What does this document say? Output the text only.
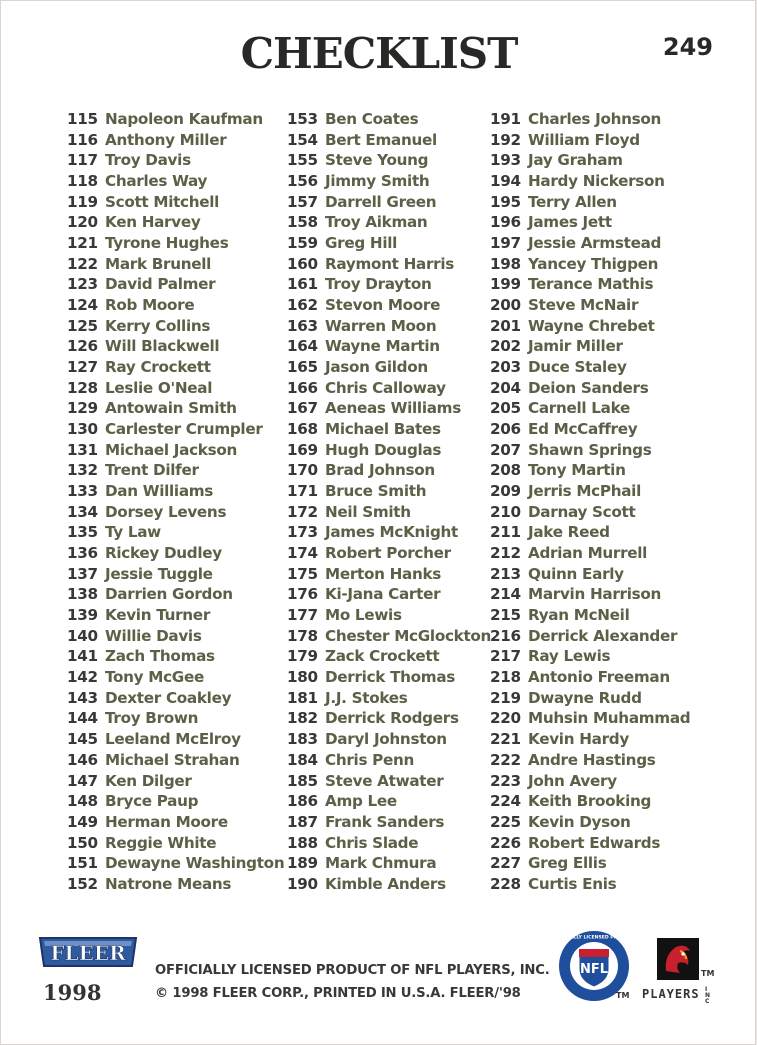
CHECKLIST	249
115 Napoleon Kaufman
116 Anthony Miller
117 Troy Davis
118 Charles Way
119 Scott Mitchell
120 Ken Harvey
121 Tyrone Hughes
122 Mark Brunell
123 David Palmer
124 Rob Moore
125 Kerry Collins
126 Will Blackwell
127 Ray Crockett
128 Leslie O'Neal
129 Antowain Smith
130 Carlester Crumpler
131 Michael Jackson
132 Trent Dilfer
133 Dan Williams
134 Dorsey Levens
135 Ty Law
136 Rickey Dudley
137 Jessie Tuggle
138 Darrien Gordon
139 Kevin Turner
140 Willie Davis
141 Zach Thomas
142 Tony McGee
143 Dexter Coakley
144 Troy Brown
145 Leeland McElroy
146 Michael Strahan
147 Ken Dilger
148 Bryce Paup
149 Herman Moore
150 Reggie White
151 Dewayne Washington
152 Natrone Means
153 Ben Coates
154 Bert Emanuel
155 Steve Young
156 Jimmy Smith
157 Darrell Green
158 Troy Aikman
159 Greg Hill
160 Raymont Harris
161 Troy Drayton
162 Stevon Moore
163 Warren Moon
164 Wayne Martin
165 Jason Gildon
166 Chris Calloway
167 Aeneas Williams
168 Michael Bates
169 Hugh Douglas
170 Brad Johnson
171 Bruce Smith
172 Neil Smith
173 James McKnight
174 Robert Porcher
175 Merton Hanks
176 Ki-Jana Carter
177 Mo Lewis
178 Chester McGlockton
179 Zack Crockett
180 Derrick Thomas
181 J.J. Stokes
182 Derrick Rodgers
183 Daryl Johnston
184 Chris Penn
185 Steve Atwater
186 Amp Lee
187 Frank Sanders
188 Chris Slade
189 Mark Chmura
190 Kimble Anders
191 Charles Johnson
192 William Floyd
193 Jay Graham
194 Hardy Nickerson
195 Terry Allen
196 James Jett
197 Jessie Armstead
198 Yancey Thigpen
199 Terance Mathis
200 Steve McNair
201 Wayne Chrebet
202 Jamir Miller
203 Duce Staley
204 Deion Sanders
205 Carnell Lake
206 Ed McCaffrey
207 Shawn Springs
208 Tony Martin
209 Jerris McPhail
210 Darnay Scott
211 Jake Reed
212 Adrian Murrell
213 Quinn Early
214 Marvin Harrison
215 Ryan McNeil
216 Derrick Alexander
217 Ray Lewis
218 Antonio Freeman
219 Dwayne Rudd
220 Muhsin Muhammad
221 Kevin Hardy
222 Andre Hastings
223 John Avery
224 Keith Brooking
225 Kevin Dyson
226 Robert Edwards
227 Greg Ellis
228 Curtis Enis
FLEER
1998
OFFICIALLY LICENSED PRODUCT OF NFL PLAYERS, INC.
© 1998 FLEER CORP., PRINTED IN U.S.A. FLEER/'98
NFL
OFFICIALLY LICENSED PRODUCT
TM
TM
PLAYERS INC
